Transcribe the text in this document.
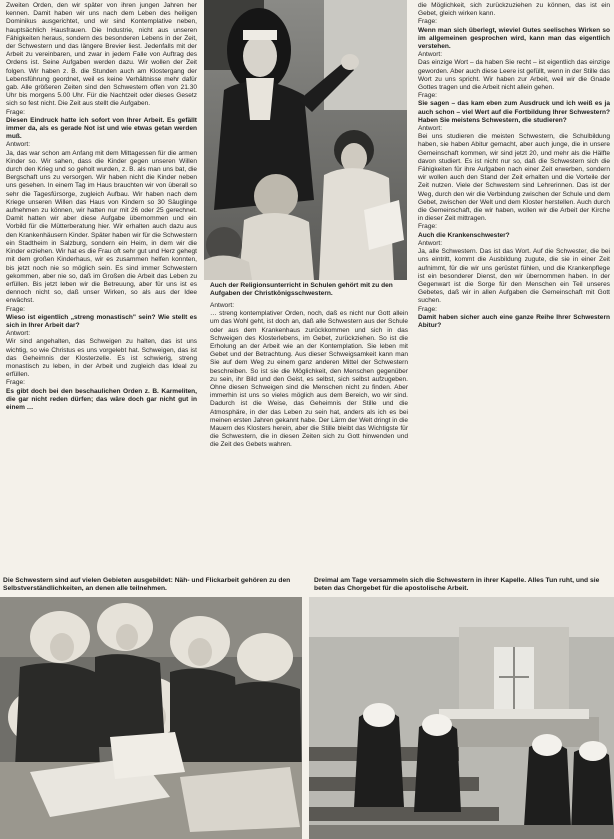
Zweiten Orden, den wir später von ihren jungen Jahren her kennen. Damit haben wir uns nach dem Leben des heiligen Dominikus ausgerichtet, und wir sind Kontemplative neben, hauptsächlich Hausfrauen. Die Industrie, nicht aus unseren Fähigkeiten heraus, sondern des besonderen Lebens in der Zeit, der Schwestern und das längere Brevier liest. Jedenfalls mit der Arbeit zu vereinbaren, und zwar in jedem Falle von Auftrag des Ordens ist. Seine Aufgaben werden dazu. Wir wollen der Zeit folgen. Wir haben z. B. die Stunden auch am Klostergang der Lebensführung geordnet, weil es keine Verhältnisse mehr dafür gab. Alle größeren Zeiten sind den Schwestern offen von 21.30 Uhr bis morgens 5.00 Uhr. Für die Nachtzeit oder dieses Gesetz sich so fest nicht. Die Zeit aus stellt die Aufgaben.

Frage:

Diesen Eindruck hatte ich sofort von Ihrer Arbeit. Es gefällt immer da, als es gerade Not ist und wie etwas getan werden muß.

Antwort:

Ja, das war schon am Anfang mit dem Mittagessen für die armen Kinder so. Wir sahen, dass die Kinder gegen unseren Willen durch den Krieg und so geholt wurden, z. B. als man uns bat, die Bergschaft uns zu versorgen. Wir haben nicht die Kinder neben uns gesehen. In einem Tag im Haus brauchten wir von überall so sehr die Tagesfürsorge, zugleich Aufbau. Wir haben nach dem Kriege unseren Willen das Haus von Kindern so 30 Säuglinge aufnehmen zu können, wir hatten nur mit 26 oder 25 gerechnet. Damit hatten wir aber diese Aufgabe übernommen und ein Vorbild für die Mütterberatung hier. Wir erhalten auch dazu aus den Krankenhäusern Kinder. Später haben wir für die Schwestern ein Stadtheim in Salzburg, sondern ein Heim, in dem wir die Kinder erziehen. Wir hat es die Frau oft sehr gut und Herz gehegt mit dem großen Kinderhaus, wir es zusammen helfen konnten, bis jetzt noch nie so möglich sein. Es sind immer Schwestern gekommen, aber nie so, daß im Großen die Arbeit das Leben zu erfüllen. Bis jetzt leben wir die Betreuung, aber für uns ist es dennoch nicht so, daß unser Wirken, so als aus der Idee erwächst.

Frage:

Wieso ist eigentlich „streng monastisch" sein? Wie stellt es sich in Ihrer Arbeit dar?

Antwort:

Wir sind angehalten, das Schweigen zu halten, das ist uns wichtig, so wie Christus es uns vorgelebt hat. Schweigen, das ist das Geheimnis der Klosterzelle. Es ist schwierig, streng monastisch zu leben, in der Arbeit und zugleich das Ideal zu erfüllen.

Frage:

Es gibt doch bei den beschaulichen Orden z. B. Karmeliten, die gar nicht reden dürfen; das wäre doch gar nicht gut in einem …

Auch der Religionsunterricht in Schulen gehört mit zu den Aufgaben der Christkönigsschwestern.

Antwort:

… streng kontemplativer Orden, noch, daß es nicht nur Gott allein um das Wohl geht, ist doch an, daß alle Schwestern aus der Schule oder aus dem Krankenhaus zurückkommen und sich in das Schweigen des Klosterlebens, im Gebet, zurückziehen. So ist die Erholung an der Arbeit wie an der Kontemplation. Sie leben mit Gebet und der Betrachtung. Aus dieser Schweigsamkeit kann man Sie auf dem Weg zu einem ganz anderen Mittel der Schwestern beschreiben. So ist sie die Möglichkeit, den Menschen gegenüber zu sein, ihr Bild und den Geist, es selbst, sich selbst aufzugeben. Ohne diesen Schweigen sind die Menschen nicht zu finden. Aber immerhin ist uns so vieles möglich aus dem Bereich, wo wir sind. Dadurch ist die Weise, das Geheimnis der Stille und die Atmosphäre, in der das Leben zu sein hat, anders als ich es bei meinen ersten Jahren gekannt habe. Der Lärm der Welt dringt in die Mauern des Klosters herein, aber die Stille bleibt das Wichtigste für die Schwestern, die in diesen Zeiten sich zu Gott hinwenden und die Zeit des Gebets wahren.

die Möglichkeit, sich zurückzuziehen zu können, das ist ein Gebet, gleich wirken kann.

Frage:

Wenn man sich überlegt, wieviel Gutes seelisches Wirken so im allgemeinen gesprochen wird, kann man das eigentlich verstehen.

Antwort:

Das einzige Wort – da haben Sie recht – ist eigentlich das einzige geworden. Aber auch diese Leere ist gefüllt, wenn in der Stille das Wort zu uns spricht. Wir haben zur Arbeit, weil wir die Gnade Gottes tragen und die Arbeit nicht allein gehen.

Frage:

Sie sagen – das kam eben zum Ausdruck und ich weiß es ja auch schon – viel Wert auf die Fortbildung Ihrer Schwestern? Haben Sie meistens Schwestern, die studieren?

Antwort:

Bei uns studieren die meisten Schwestern, die Schulbildung haben, sie haben Abitur gemacht, aber auch junge, die in unsere Gemeinschaft kommen, wir sind jetzt 20, und mehr als die Hälfte davon studiert. Es ist nicht nur so, daß die Schwestern sich die Fähigkeiten für ihre Aufgaben nach einer Zeit erwerben, sondern wir wollen auch den Stand der Zeit erhalten und die Vorteile der Zeit nutzen. Viele der Schwestern sind Lehrerinnen. Das ist der Weg, durch den wir die Verbindung zwischen der Schule und dem Gebet, zwischen der Welt und dem Kloster herstellen. Auch durch die Gemeinschaft, die wir haben, wollen wir die Arbeit der Kirche in dieser Zeit mittragen.

Frage:

Auch die Krankenschwester?

Antwort:

Ja, alle Schwestern. Das ist das Wort. Auf die Schwester, die bei uns eintritt, kommt die Ausbildung zugute, die sie in einer Zeit aufnimmt, für die wir uns gerüstet fühlen, und die Krankenpflege ist ein besonderer Dienst, den wir übernommen haben. In der Gegenwart ist die Sorge für den Menschen ein Teil unseres Gebetes, daß wir in allen Aufgaben die Gemeinschaft mit Gott suchen.

Frage:

Damit haben sicher auch eine ganze Reihe Ihrer Schwestern Abitur?

Die Schwestern sind auf vielen Gebieten ausgebildet: Näh- und Flickarbeit gehören zu den Selbstverständlichkeiten, an denen alle teilnehmen.
Dreimal am Tage versammeln sich die Schwestern in ihrer Kapelle. Alles Tun ruht, und sie beten das Chorgebet für die apostolische Arbeit.
